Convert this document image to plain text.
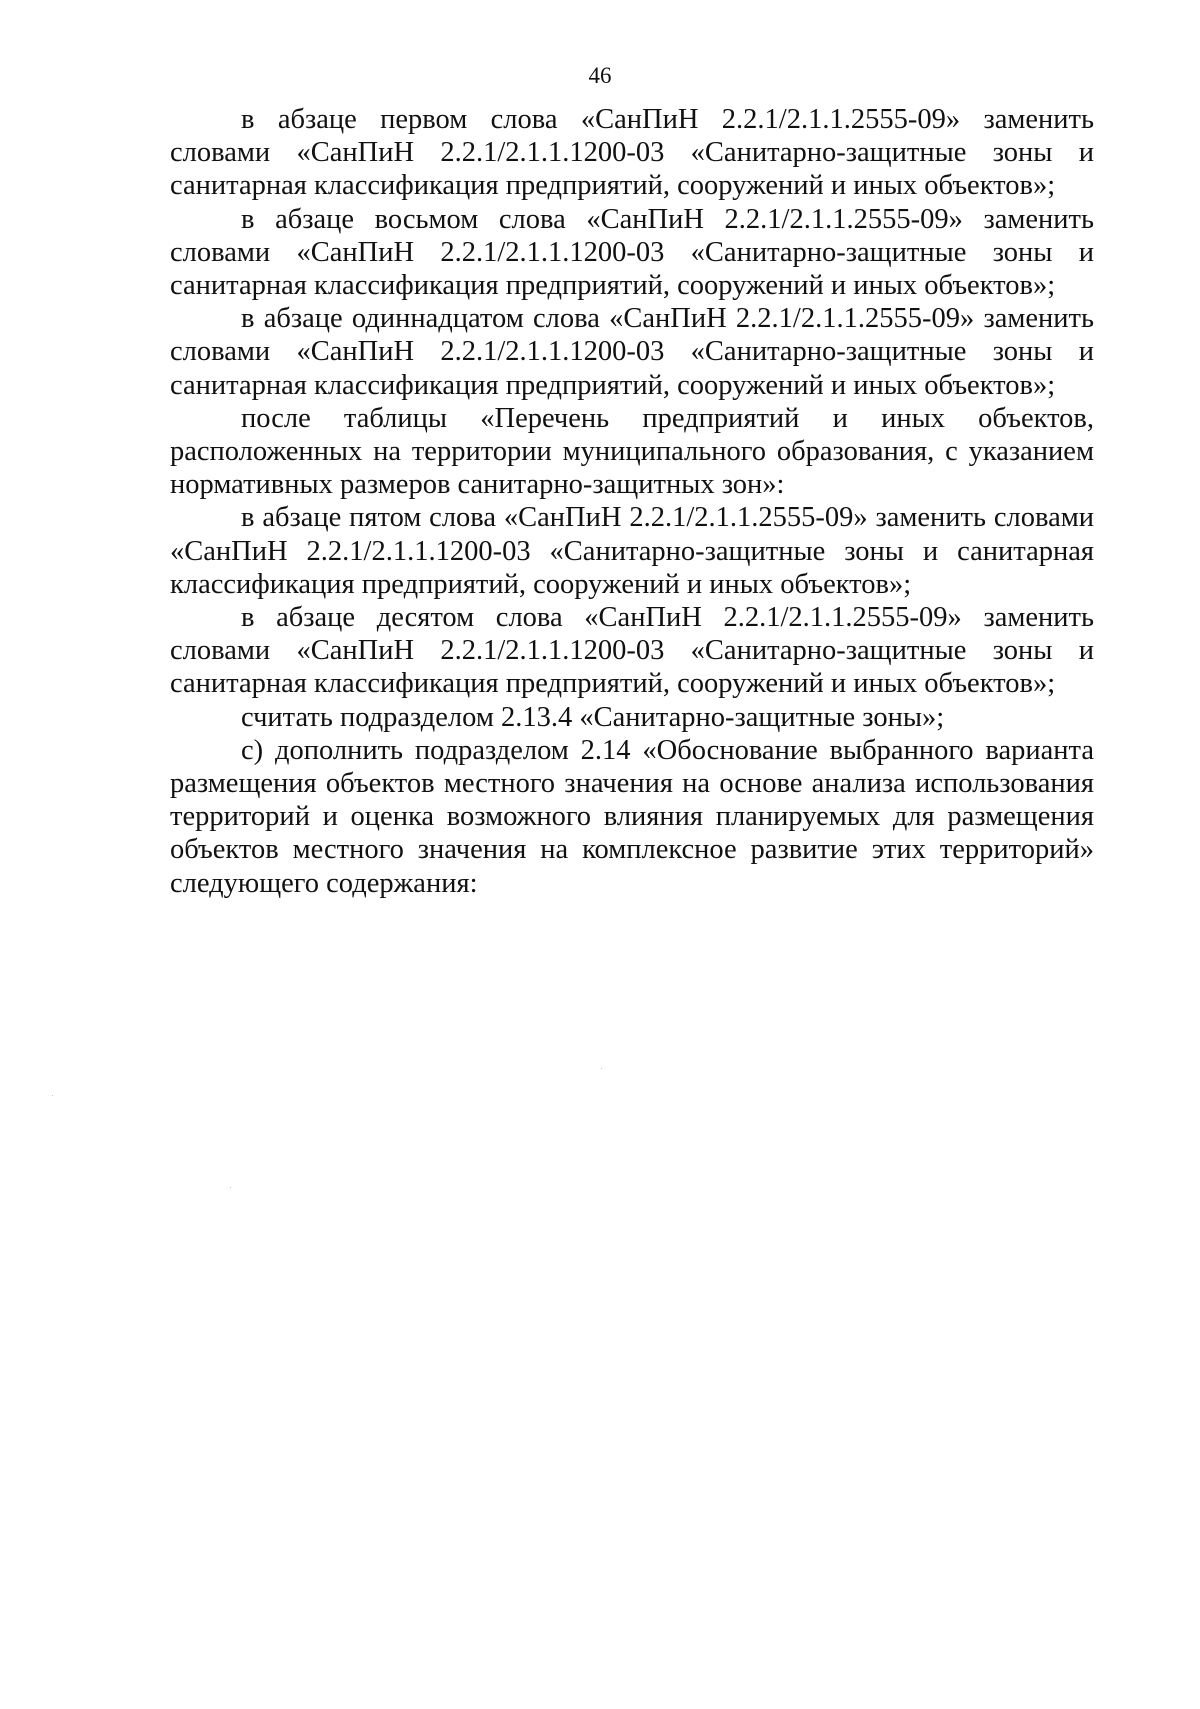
46

в абзаце первом слова «СанПиН 2.2.1/2.1.1.2555-09» заменить словами «СанПиН 2.2.1/2.1.1.1200-03 «Санитарно-защитные зоны и санитарная классификация предприятий, сооружений и иных объектов»;

в абзаце восьмом слова «СанПиН 2.2.1/2.1.1.2555-09» заменить словами «СанПиН 2.2.1/2.1.1.1200-03 «Санитарно-защитные зоны и санитарная классификация предприятий, сооружений и иных объектов»;

в абзаце одиннадцатом слова «СанПиН 2.2.1/2.1.1.2555-09» заменить словами «СанПиН 2.2.1/2.1.1.1200-03 «Санитарно-защитные зоны и санитарная классификация предприятий, сооружений и иных объектов»;

после таблицы «Перечень предприятий и иных объектов, расположенных на территории муниципального образования, с указанием нормативных размеров санитарно-защитных зон»:

в абзаце пятом слова «СанПиН 2.2.1/2.1.1.2555-09» заменить словами «СанПиН 2.2.1/2.1.1.1200-03 «Санитарно-защитные зоны и санитарная классификация предприятий, сооружений и иных объектов»;

в абзаце десятом слова «СанПиН 2.2.1/2.1.1.2555-09» заменить словами «СанПиН 2.2.1/2.1.1.1200-03 «Санитарно-защитные зоны и санитарная классификация предприятий, сооружений и иных объектов»;

считать подразделом 2.13.4 «Санитарно-защитные зоны»;

с) дополнить подразделом 2.14 «Обоснование выбранного варианта размещения объектов местного значения на основе анализа использования территорий и оценка возможного влияния планируемых для размещения объектов местного значения на комплексное развитие этих территорий» следующего содержания:
